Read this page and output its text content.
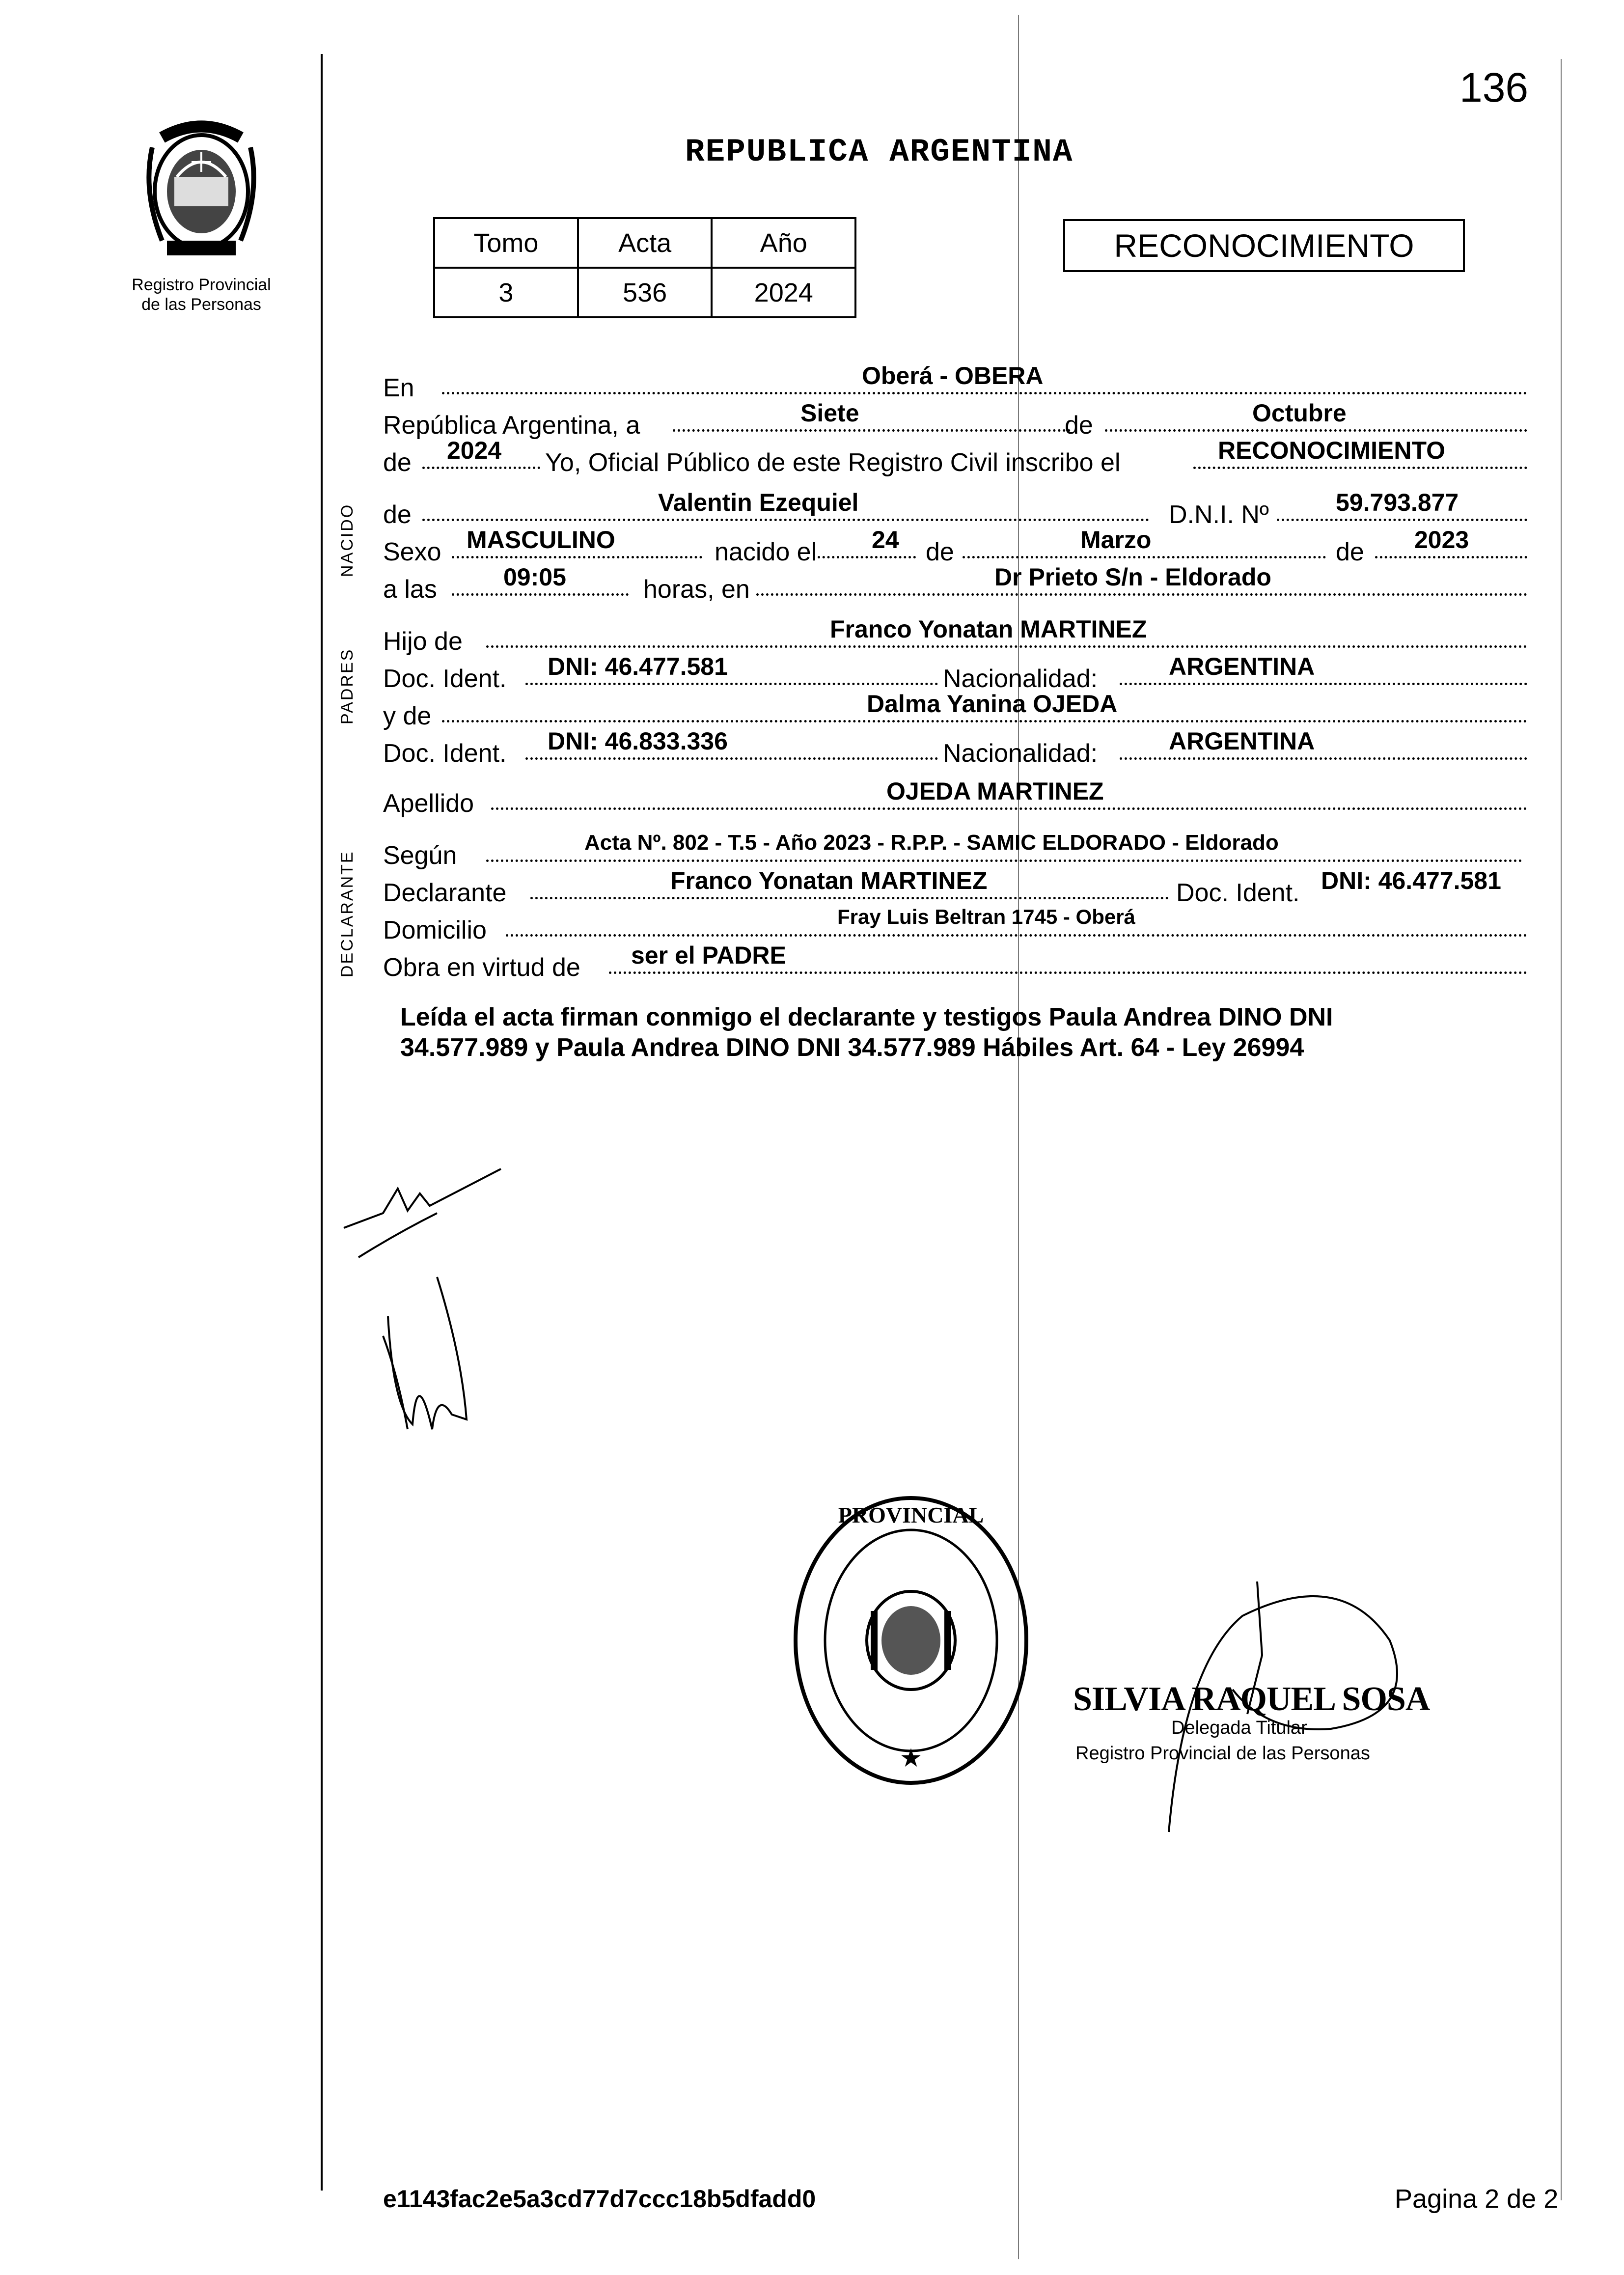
136
Registro Provincial
de las Personas
REPUBLICA ARGENTINA
Tomo	Acta	Año
3	536	2024
RECONOCIMIENTO
NACIDO
PADRES
DECLARANTE
En	Oberá - OBERA
República Argentina, a	Siete	de	Octubre
de 2024 Yo, Oficial Público de este Registro Civil inscribo el	RECONOCIMIENTO
de	Valentin Ezequiel	D.N.I. Nº	59.793.877
Sexo MASCULINO	nacido el 24 de	Marzo	de 2023
a las	09:05	horas, en	Dr Prieto S/n - Eldorado
Hijo de	Franco Yonatan MARTINEZ
Doc. Ident. DNI: 46.477.581	Nacionalidad:	ARGENTINA
y de	Dalma Yanina OJEDA
Doc. Ident. DNI: 46.833.336	Nacionalidad:	ARGENTINA
Apellido	OJEDA MARTINEZ
Según	Acta Nº. 802 - T.5 - Año 2023 - R.P.P. - SAMIC ELDORADO - Eldorado
Declarante	Franco Yonatan MARTINEZ	Doc. Ident. DNI: 46.477.581
Domicilio	Fray Luis Beltran 1745 - Oberá
Obra en virtud de ser el PADRE
Leída el acta firman conmigo el declarante y testigos Paula Andrea DINO DNI
34.577.989 y Paula Andrea DINO DNI 34.577.989 Hábiles Art. 64 - Ley 26994
PROVINCIAL
★
SILVIA RAQUEL SOSA
Delegada Titular
Registro Provincial de las Personas
e1143fac2e5a3cd77d7ccc18b5dfadd0	Pagina 2 de 2
